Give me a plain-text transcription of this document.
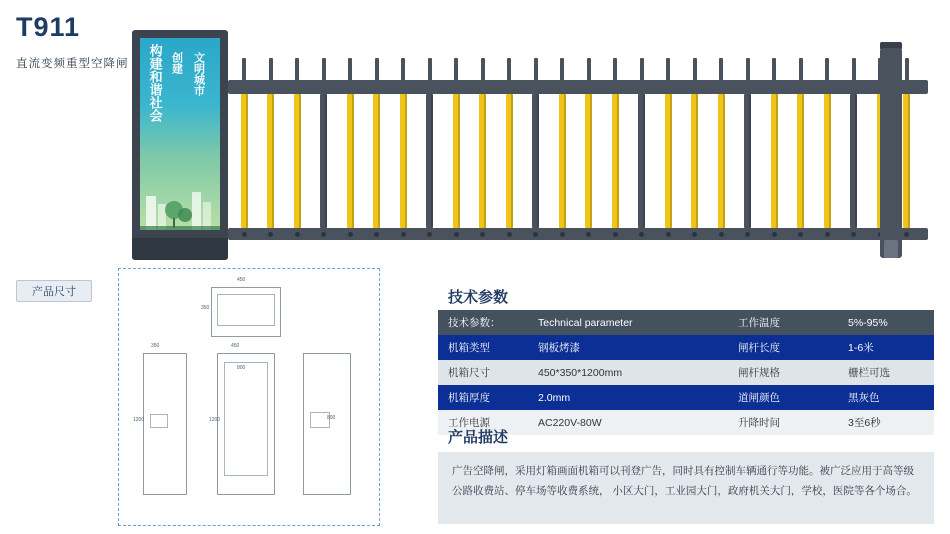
T911
直流变频重型空降闸 构建和谐社会 创建 文明城市
产品尺寸
450
350
350
1200
450
1200
800
800
技术参数
技术参数：	Technical parameter	工作温度	5%-95%
机箱类型	钢板烤漆	闸杆长度	1-6米
机箱尺寸	450*350*1200mm	闸杆规格	栅栏可选
机箱厚度	2.0mm	道闸颜色	黑灰色
工作电源	AC220V-80W	升降时间	3至6秒
产品描述
广告空降闸，采用灯箱画面机箱可以刊登广告，同时具有控制车辆通行等功能。被广泛应用于高等级公路收费站、停车场等收费系统， 小区大门，工业园大门，政府机关大门，学校，医院等各个场合。
